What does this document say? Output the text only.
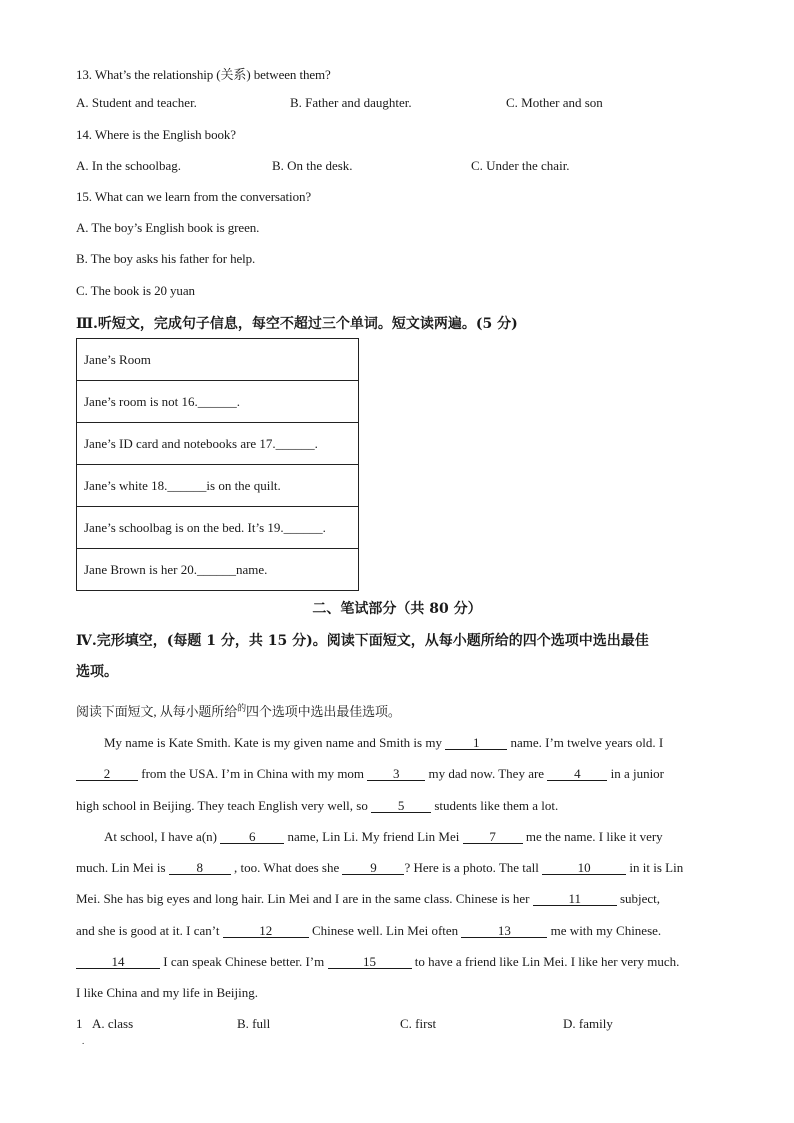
13. What’s the relationship (关系) between them?
A. Student and teacher.	B. Father and daughter.	C. Mother and son
14. Where is the English book?
A. In the schoolbag.	B. On the desk.	C. Under the chair.
15. What can we learn from the conversation?
A. The boy’s English book is green.
B. The boy asks his father for help.
C. The book is 20 yuan
Ⅲ.听短文，完成句子信息，每空不超过三个单词。短文读两遍。(5 分)
Jane’s Room
Jane’s room is not 16.______.
Jane’s ID card and notebooks are 17.______.
Jane’s white 18.______is on the quilt.
Jane’s schoolbag is on the bed. It’s 19.______.
Jane Brown is her 20.______name.
二、笔试部分（共 80 分）
Ⅳ.完形填空，(每题 1 分，共 15 分)。阅读下面短文，从每小题所给的四个选项中选出最佳
选项。
阅读下面短文, 从每小题所给$^的$四个选项中选出最佳选项。
My name is Kate Smith. Kate is my given name and Smith is my 1 name. I’m twelve years old. I
2 from the USA. I’m in China with my mom 3 my dad now. They are 4 in a junior
high school in Beijing. They teach English very well, so 5 students like them a lot.
At school, I have a(n) 6 name, Lin Li. My friend Lin Mei 7 me the name. I like it very
much. Lin Mei is 8 , too. What does she 9 ? Here is a photo. The tall	10	in it is Lin
Mei. She has big eyes and long hair. Lin Mei and I are in the same class. Chinese is her	11	subject,
and she is good at it. I can’t	12	Chinese well. Lin Mei often	13	me with my Chinese.
14	I can speak Chinese better. I’m	15	to have a friend like Lin Mei. I like her very much.
I like China and my life in Beijing.
1 A. class	B. full	C. first	D. family
.
